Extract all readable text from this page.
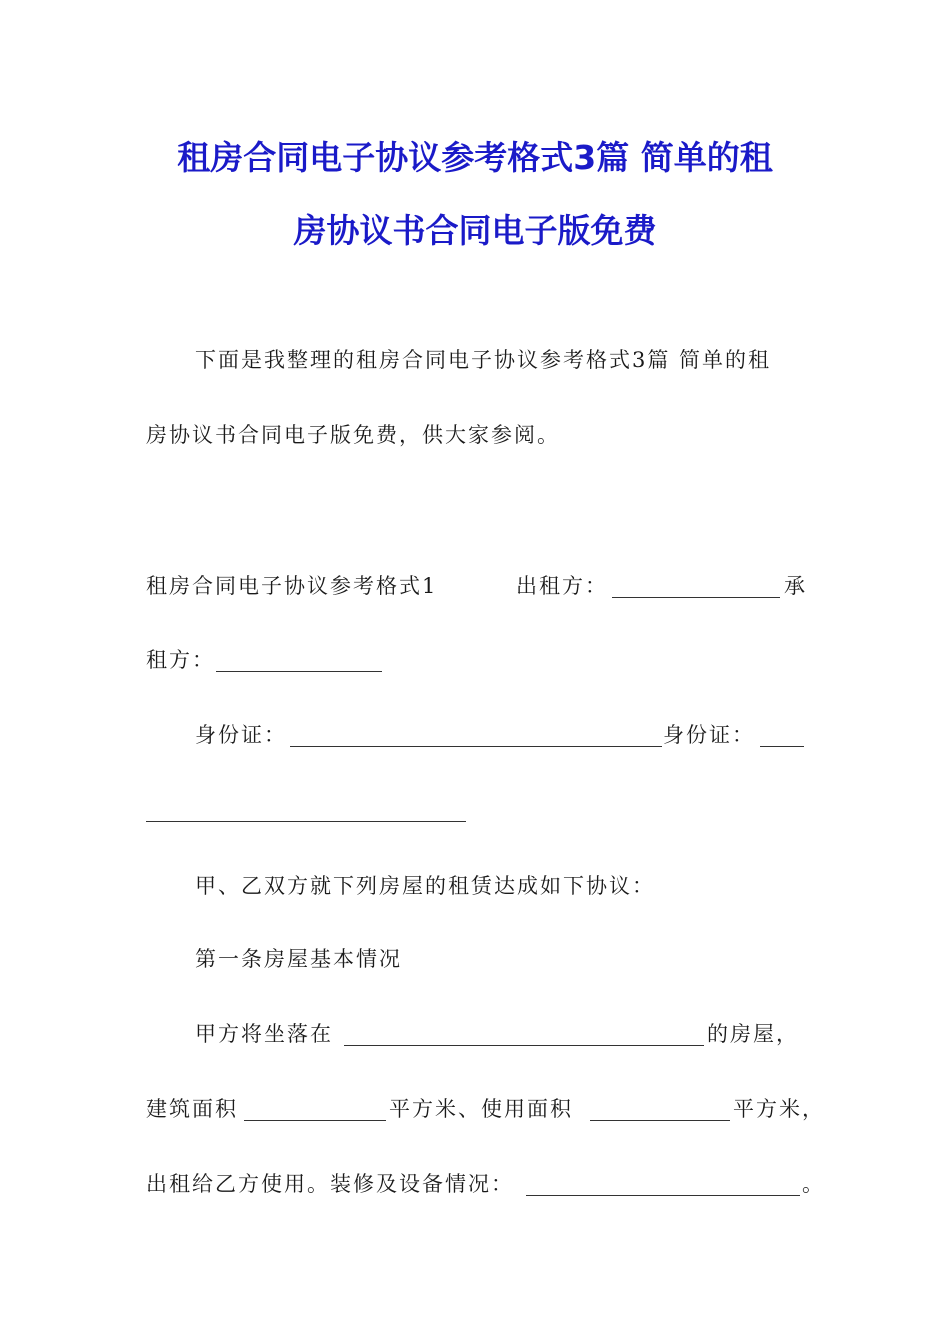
租房合同电子协议参考格式3篇 简单的租
房协议书合同电子版免费
下面是我整理的租房合同电子协议参考格式3篇 简单的租
房协议书合同电子版免费，供大家参阅。
租房合同电子协议参考格式1	出租方：	承
租方：
身份证：	身份证：
甲、乙双方就下列房屋的租赁达成如下协议：
第一条房屋基本情况
甲方将坐落在	的房屋，
建筑面积	平方米、使用面积	平方米，
出租给乙方使用。装修及设备情况：	。
